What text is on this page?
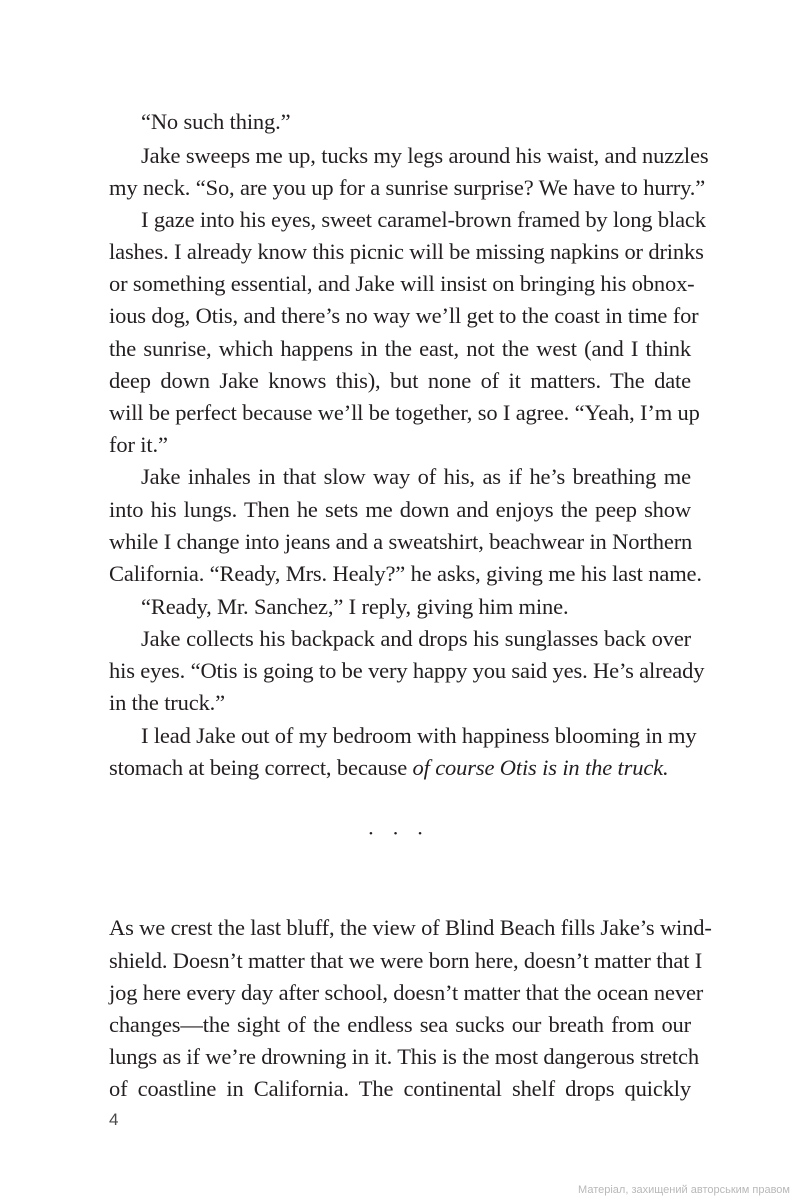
“No such thing.”
Jake sweeps me up, tucks my legs around his waist, and nuzzles
my neck. “So, are you up for a sunrise surprise? We have to hurry.”
I gaze into his eyes, sweet caramel-brown framed by long black
lashes. I already know this picnic will be missing napkins or drinks
or something essential, and Jake will insist on bringing his obnox-
ious dog, Otis, and there’s no way we’ll get to the coast in time for
the sunrise, which happens in the east, not the west (and I think
deep down Jake knows this), but none of it matters. The date
will be perfect because we’ll be together, so I agree. “Yeah, I’m up
for it.”
Jake inhales in that slow way of his, as if he’s breathing me
into his lungs. Then he sets me down and enjoys the peep show
while I change into jeans and a sweatshirt, beachwear in Northern
California. “Ready, Mrs. Healy?” he asks, giving me his last name.
“Ready, Mr. Sanchez,” I reply, giving him mine.
Jake collects his backpack and drops his sunglasses back over
his eyes. “Otis is going to be very happy you said yes. He’s already
in the truck.”
I lead Jake out of my bedroom with happiness blooming in my
stomach at being correct, because of course Otis is in the truck.
• • •
As we crest the last bluff, the view of Blind Beach fills Jake’s wind-
shield. Doesn’t matter that we were born here, doesn’t matter that I
jog here every day after school, doesn’t matter that the ocean never
changes—the sight of the endless sea sucks our breath from our
lungs as if we’re drowning in it. This is the most dangerous stretch
of coastline in California. The continental shelf drops quickly
4
Матеріал, захищений авторським правом
